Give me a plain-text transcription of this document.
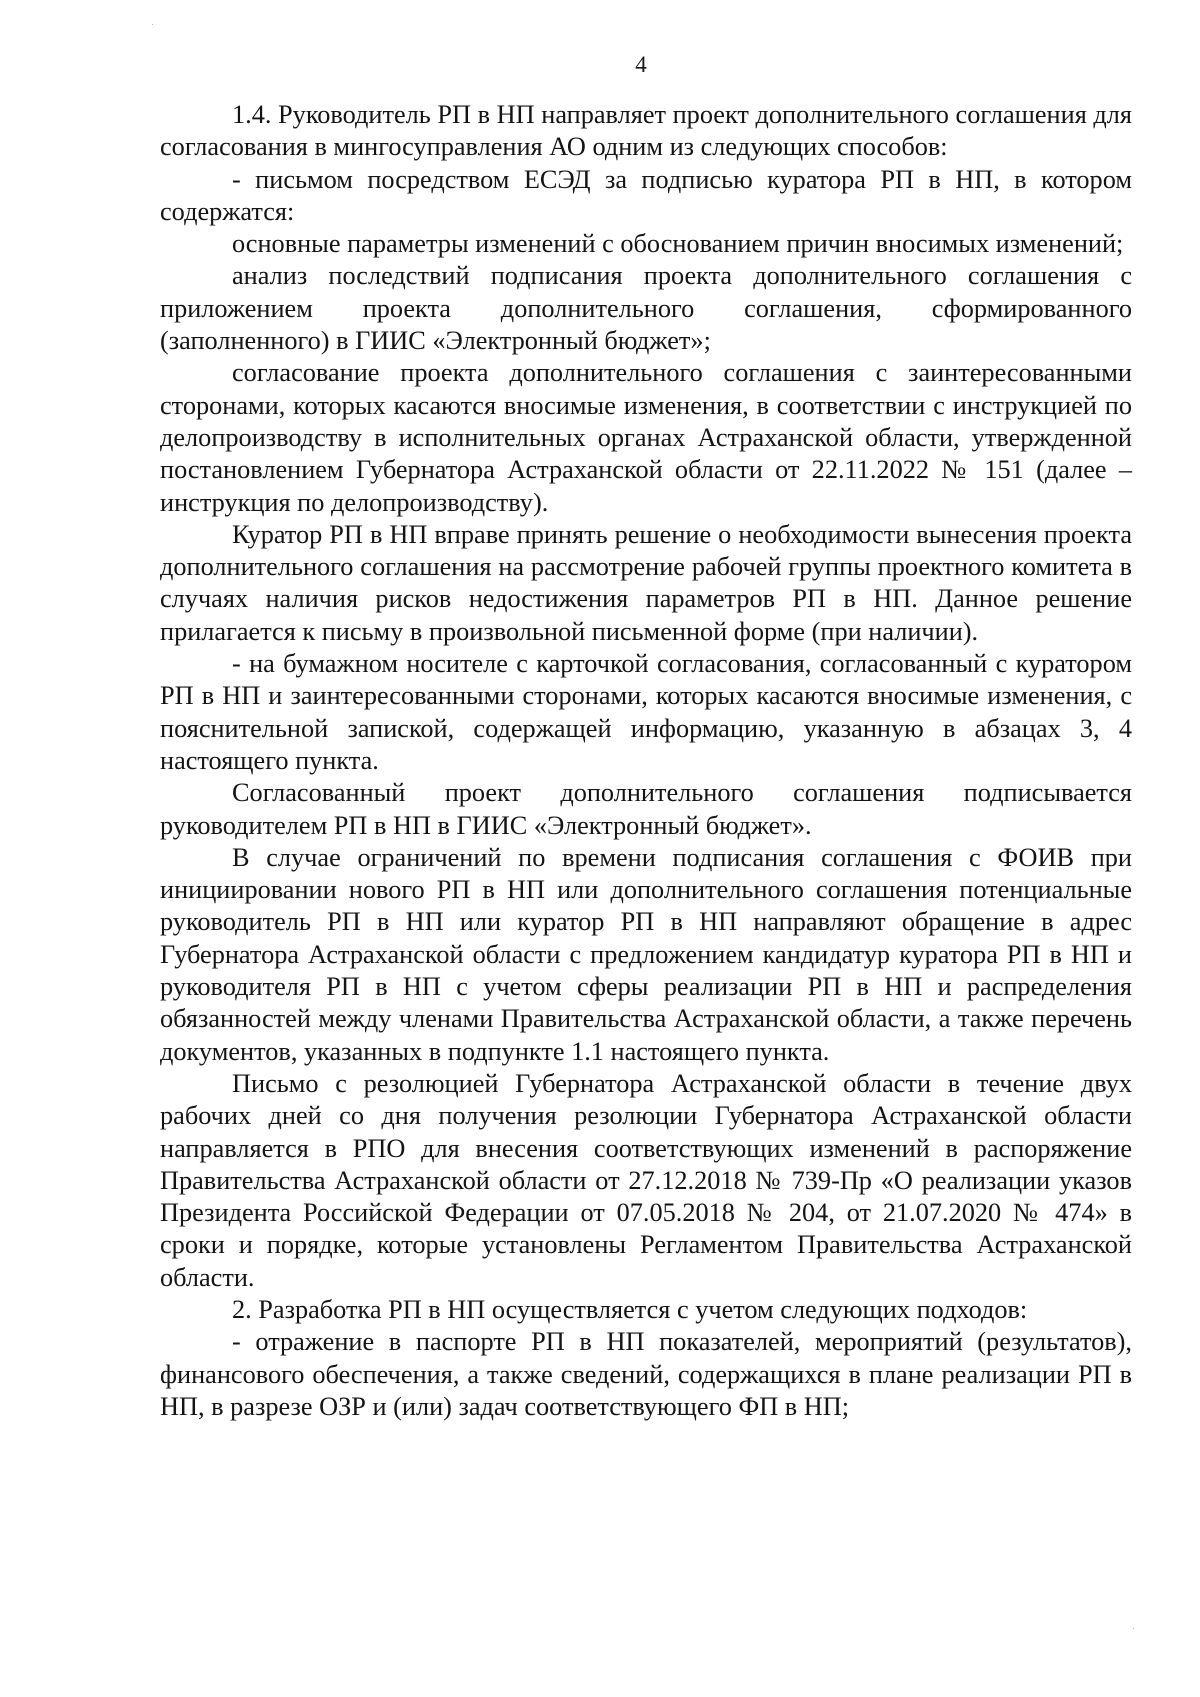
4

1.4. Руководитель РП в НП направляет проект дополнительного соглашения для согласования в мингосуправления АО одним из следующих способов:

- письмом посредством ЕСЭД за подписью куратора РП в НП, в котором содержатся:

основные параметры изменений с обоснованием причин вносимых изменений;

анализ последствий подписания проекта дополнительного соглашения с приложением проекта дополнительного соглашения, сформированного (заполненного) в ГИИС «Электронный бюджет»;

согласование проекта дополнительного соглашения с заинтересованными сторонами, которых касаются вносимые изменения, в соответствии с инструкцией по делопроизводству в исполнительных органах Астраханской области, утвержденной постановлением Губернатора Астраханской области от 22.11.2022 № 151 (далее – инструкция по делопроизводству).

Куратор РП в НП вправе принять решение о необходимости вынесения проекта дополнительного соглашения на рассмотрение рабочей группы проектного комитета в случаях наличия рисков недостижения параметров РП в НП. Данное решение прилагается к письму в произвольной письменной форме (при наличии).

- на бумажном носителе с карточкой согласования, согласованный с куратором РП в НП и заинтересованными сторонами, которых касаются вносимые изменения, с пояснительной запиской, содержащей информацию, указанную в абзацах 3, 4 настоящего пункта.

Согласованный проект дополнительного соглашения подписывается руководителем РП в НП в ГИИС «Электронный бюджет».

В случае ограничений по времени подписания соглашения с ФОИВ при инициировании нового РП в НП или дополнительного соглашения потенциальные руководитель РП в НП или куратор РП в НП направляют обращение в адрес Губернатора Астраханской области с предложением кандидатур куратора РП в НП и руководителя РП в НП с учетом сферы реализации РП в НП и распределения обязанностей между членами Правительства Астраханской области, а также перечень документов, указанных в подпункте 1.1 настоящего пункта.

Письмо с резолюцией Губернатора Астраханской области в течение двух рабочих дней со дня получения резолюции Губернатора Астраханской области направляется в РПО для внесения соответствующих изменений в распоряжение Правительства Астраханской области от 27.12.2018 № 739-Пр «О реализации указов Президента Российской Федерации от 07.05.2018 № 204, от 21.07.2020 № 474» в сроки и порядке, которые установлены Регламентом Правительства Астраханской области.

2. Разработка РП в НП осуществляется с учетом следующих подходов:

- отражение в паспорте РП в НП показателей, мероприятий (результатов), финансового обеспечения, а также сведений, содержащихся в плане реализации РП в НП, в разрезе ОЗР и (или) задач соответствующего ФП в НП;
